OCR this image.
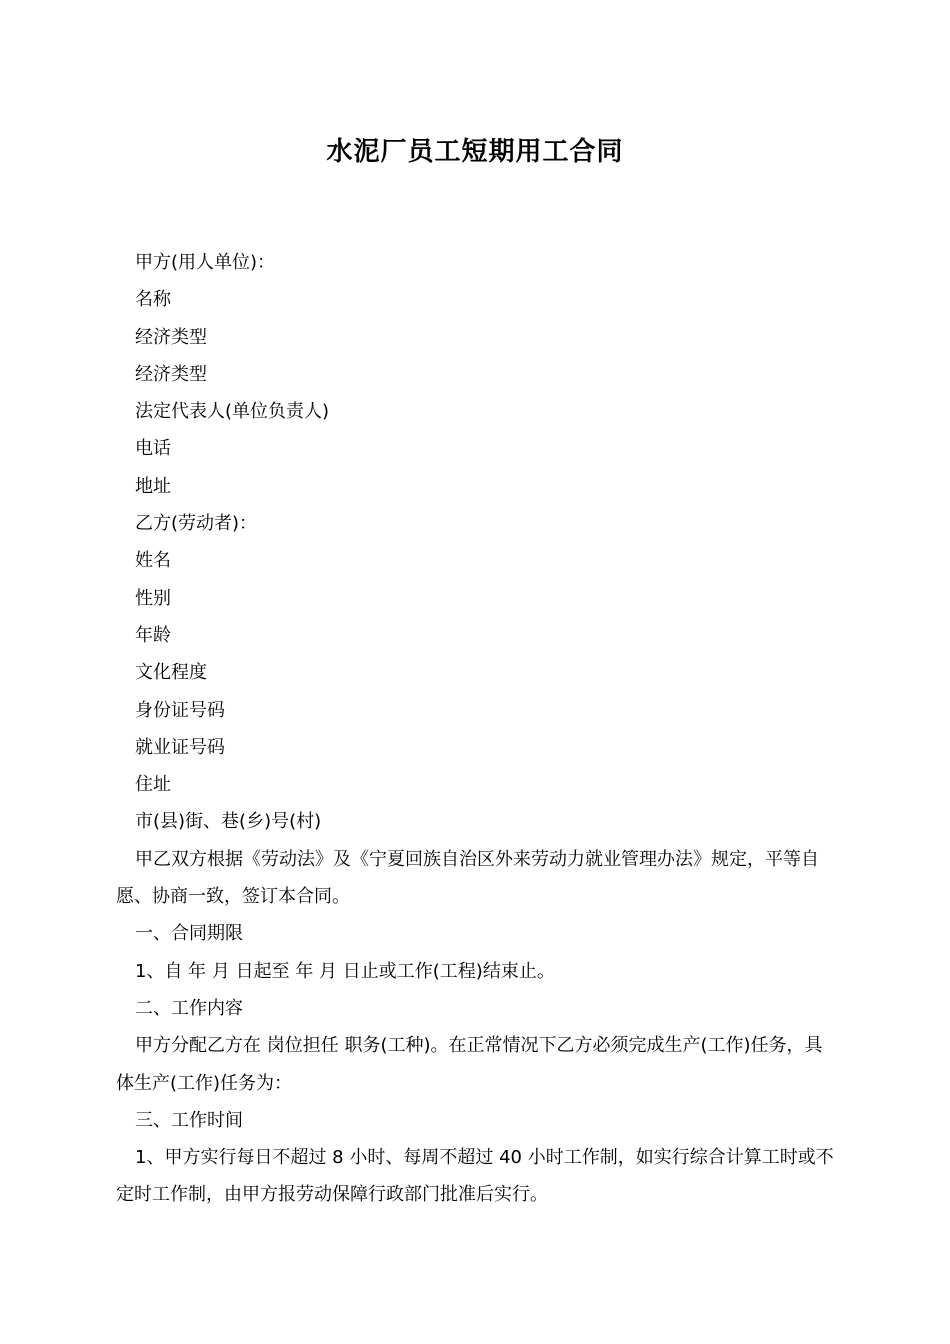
水泥厂员工短期用工合同

甲方(用人单位)：

名称

经济类型

经济类型

法定代表人(单位负责人)

电话

地址

乙方(劳动者)：

姓名

性别

年龄

文化程度

身份证号码

就业证号码

住址

市(县)街、巷(乡)号(村)

甲乙双方根据《劳动法》及《宁夏回族自治区外来劳动力就业管理办法》规定，平等自愿、协商一致，签订本合同。

一、合同期限

1、自 年 月 日起至 年 月 日止或工作(工程)结束止。

二、工作内容

甲方分配乙方在 岗位担任 职务(工种)。在正常情况下乙方必须完成生产(工作)任务，具体生产(工作)任务为：

三、工作时间

1、甲方实行每日不超过 8 小时、每周不超过 40 小时工作制，如实行综合计算工时或不定时工作制，由甲方报劳动保障行政部门批准后实行。
